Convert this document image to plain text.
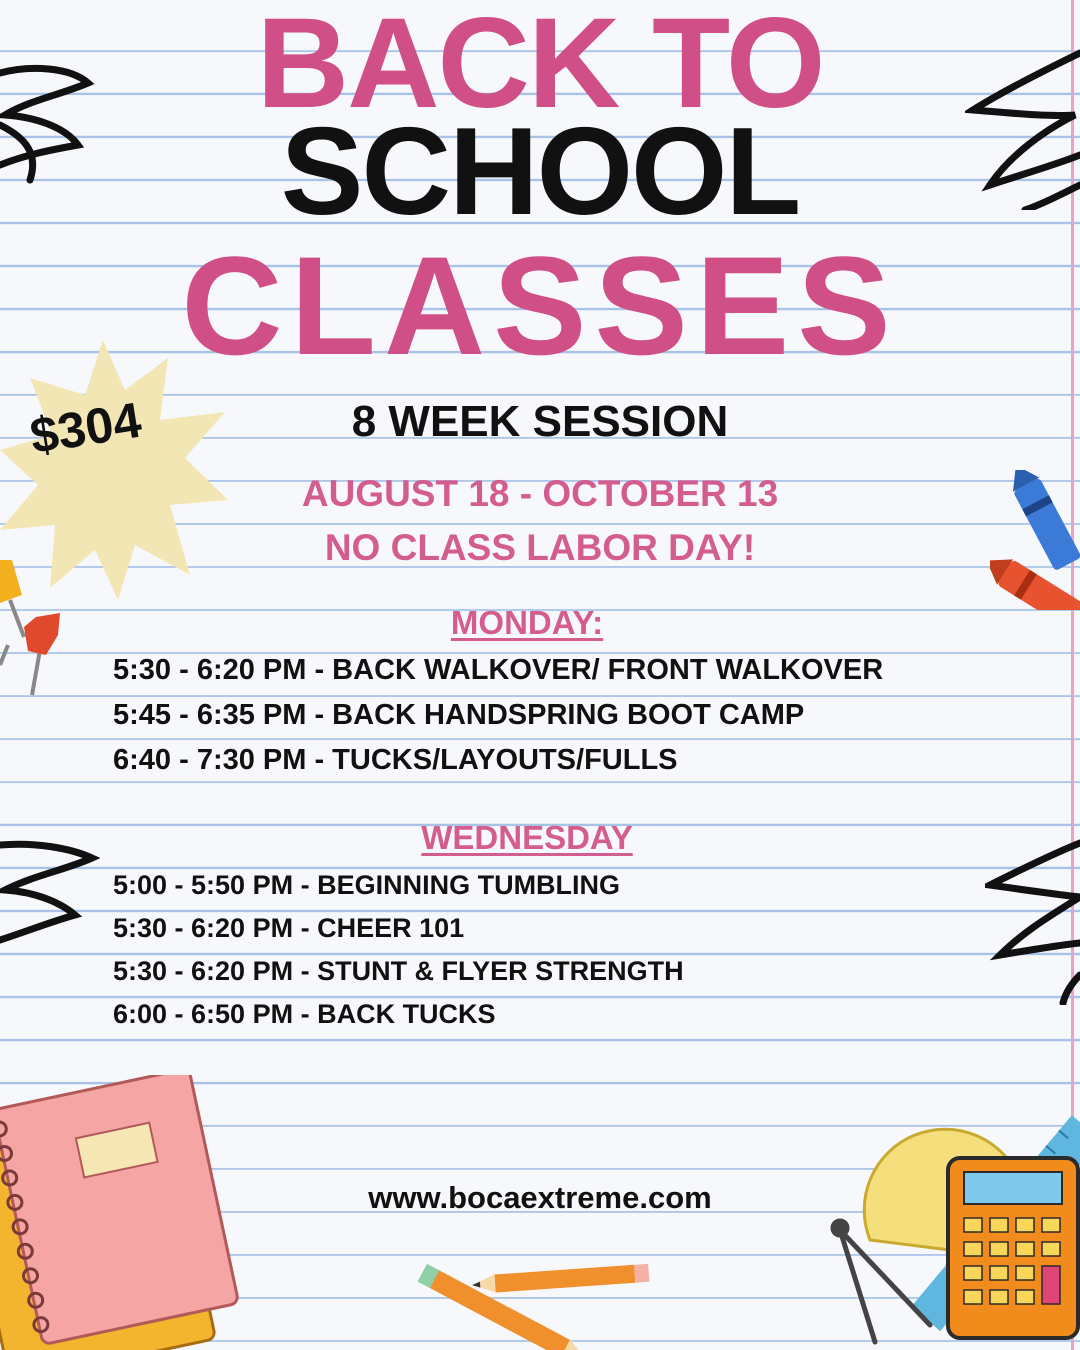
$304
BACK TO
SCHOOL
CLASSES
8 WEEK SESSION
AUGUST 18 - OCTOBER 13
NO CLASS LABOR DAY!
MONDAY:
5:30 - 6:20 PM - BACK WALKOVER/ FRONT WALKOVER
5:45 - 6:35 PM - BACK HANDSPRING BOOT CAMP
6:40 - 7:30 PM - TUCKS/LAYOUTS/FULLS
WEDNESDAY
5:00 - 5:50 PM - BEGINNING TUMBLING
5:30 - 6:20 PM - CHEER 101
5:30 - 6:20 PM - STUNT & FLYER STRENGTH
6:00 - 6:50 PM - BACK TUCKS
www.bocaextreme.com
